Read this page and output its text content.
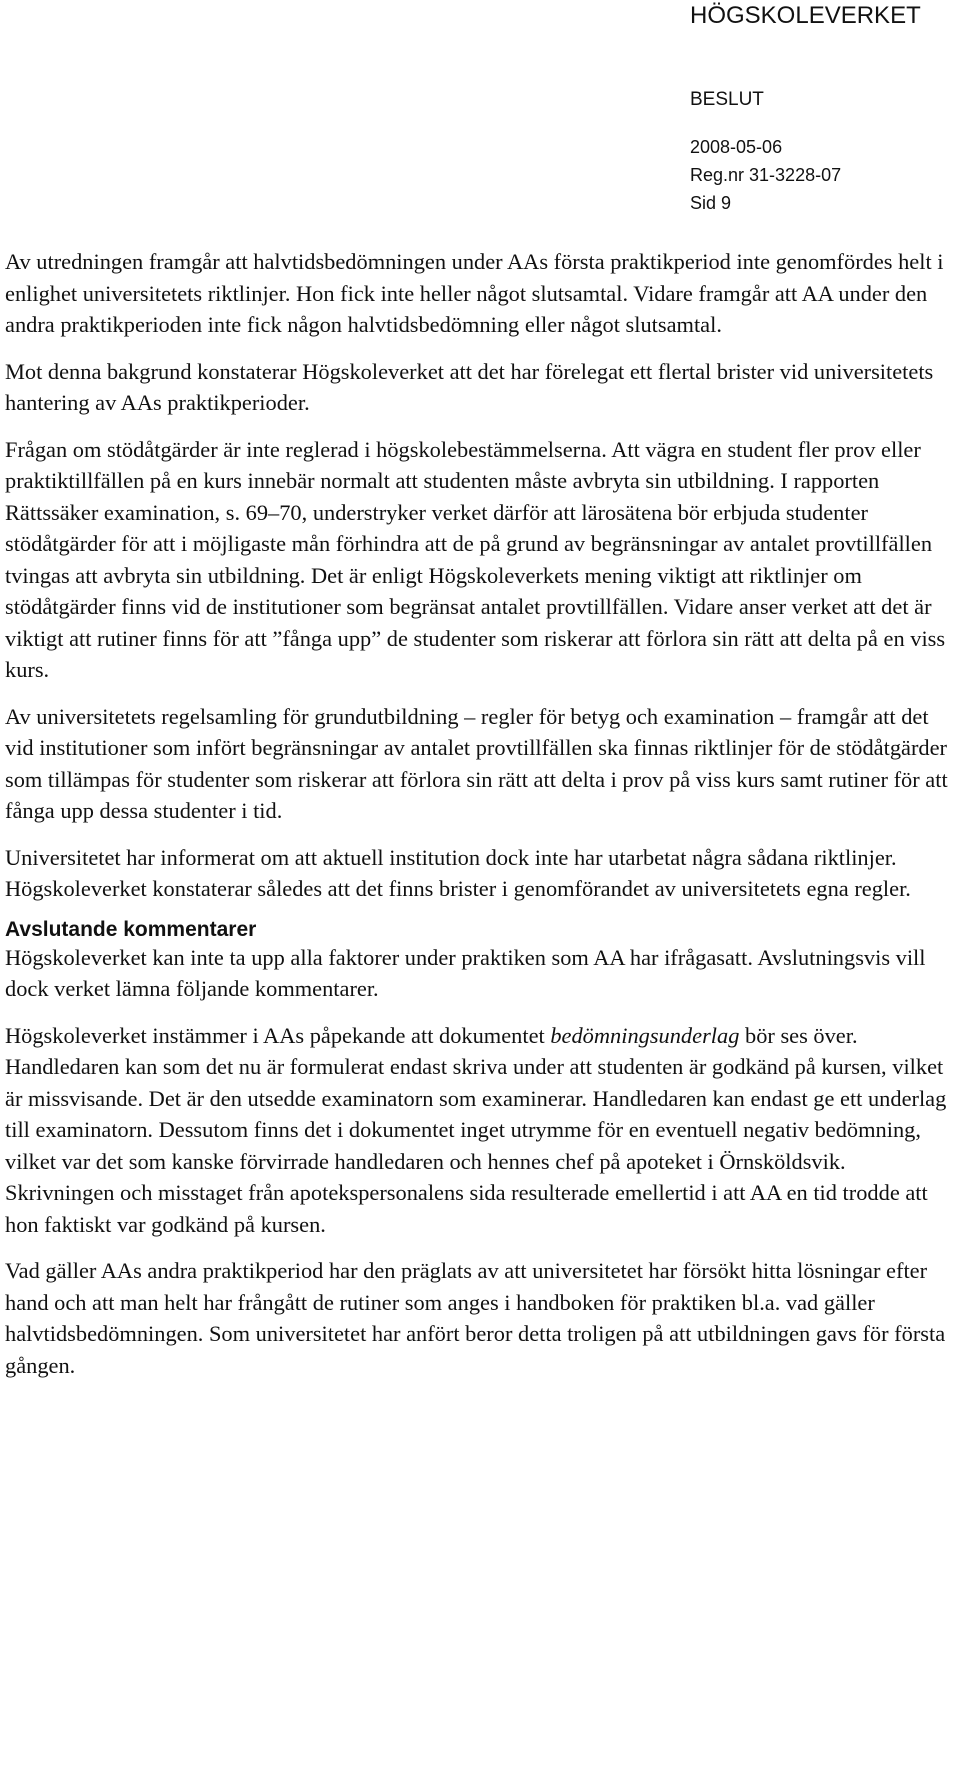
HÖGSKOLEVERKET
BESLUT
2008-05-06
Reg.nr 31-3228-07
Sid 9

Av utredningen framgår att halvtidsbedömningen under AAs första praktikperiod inte genomfördes helt i enlighet universitetets riktlinjer. Hon fick inte heller något slutsamtal. Vidare framgår att AA under den andra praktikperioden inte fick någon halvtidsbedömning eller något slutsamtal.

Mot denna bakgrund konstaterar Högskoleverket att det har förelegat ett flertal brister vid universitetets hantering av AAs praktikperioder.

Frågan om stödåtgärder är inte reglerad i högskolebestämmelserna. Att vägra en student fler prov eller praktiktillfällen på en kurs innebär normalt att studenten måste avbryta sin utbildning. I rapporten Rättssäker examination, s. 69–70, understryker verket därför att lärosätena bör erbjuda studenter stödåtgärder för att i möjligaste mån förhindra att de på grund av begränsningar av antalet provtillfällen tvingas att avbryta sin utbildning. Det är enligt Högskoleverkets mening viktigt att riktlinjer om stödåtgärder finns vid de institutioner som begränsat antalet provtillfällen. Vidare anser verket att det är viktigt att rutiner finns för att ”fånga upp” de studenter som riskerar att förlora sin rätt att delta på en viss kurs.

Av universitetets regelsamling för grundutbildning – regler för betyg och examination – framgår att det vid institutioner som infört begränsningar av antalet provtillfällen ska finnas riktlinjer för de stödåtgärder som tillämpas för studenter som riskerar att förlora sin rätt att delta i prov på viss kurs samt rutiner för att fånga upp dessa studenter i tid.

Universitetet har informerat om att aktuell institution dock inte har utarbetat några sådana riktlinjer. Högskoleverket konstaterar således att det finns brister i genomförandet av universitetets egna regler.

Avslutande kommentarer

Högskoleverket kan inte ta upp alla faktorer under praktiken som AA har ifrågasatt. Avslutningsvis vill dock verket lämna följande kommentarer.

Högskoleverket instämmer i AAs påpekande att dokumentet bedömningsunderlag bör ses över. Handledaren kan som det nu är formulerat endast skriva under att studenten är godkänd på kursen, vilket är missvisande. Det är den utsedde examinatorn som examinerar. Handledaren kan endast ge ett underlag till examinatorn. Dessutom finns det i dokumentet inget utrymme för en eventuell negativ bedömning, vilket var det som kanske förvirrade handledaren och hennes chef på apoteket i Örnsköldsvik. Skrivningen och misstaget från apotekspersonalens sida resulterade emellertid i att AA en tid trodde att hon faktiskt var godkänd på kursen.

Vad gäller AAs andra praktikperiod har den präglats av att universitetet har försökt hitta lösningar efter hand och att man helt har frångått de rutiner som anges i handboken för praktiken bl.a. vad gäller halvtidsbedömningen. Som universitetet har anfört beror detta troligen på att utbildningen gavs för första gången.
